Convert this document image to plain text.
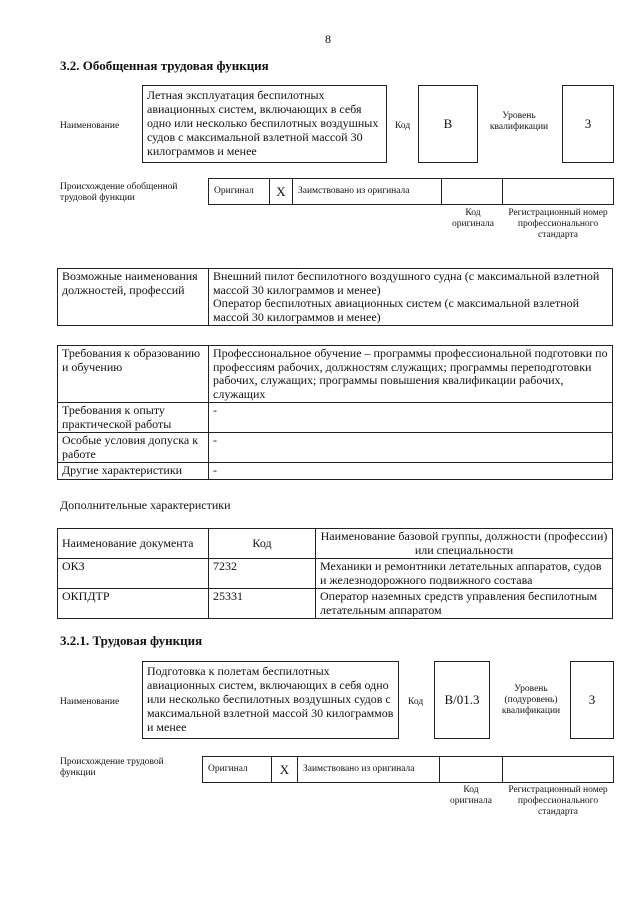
8
3.2. Обобщенная трудовая функция
Наименование
Летная эксплуатация беспилотных авиационных систем, включающих в себя одно или несколько беспилотных воздушных судов с максимальной взлетной массой 30 килограммов и менее
Код	B	Уровень квалификации	3
Происхождение обобщенной трудовой функции
Оригинал X Заимствовано из оригинала
Код оригинала
Регистрационный номер профессионального стандарта
Возможные наименования должностей, профессий	Внешний пилот беспилотного воздушного судна (с максимальной взлетной массой 30 килограммов и менее)
Оператор беспилотных авиационных систем (с максимальной взлетной массой 30 килограммов и менее)
Требования к образованию и обучению	Профессиональное обучение – программы профессиональной подготовки по профессиям рабочих, должностям служащих; программы переподготовки рабочих, служащих; программы повышения квалификации рабочих, служащих
Требования к опыту практической работы	-
Особые условия допуска к работе	-
Другие характеристики	-
Дополнительные характеристики
Наименование документа	Код	Наименование базовой группы, должности (профессии) или специальности
ОКЗ	7232	Механики и ремонтники летательных аппаратов, судов и железнодорожного подвижного состава
ОКПДТР	25331	Оператор наземных средств управления беспилотным летательным аппаратом
3.2.1. Трудовая функция
Наименование
Подготовка к полетам беспилотных авиационных систем, включающих в себя одно или несколько беспилотных воздушных судов с максимальной взлетной массой 30 килограммов и менее
Код B/01.3
Уровень (подуровень) квалификации
3
Происхождение трудовой функции	Оригинал X Заимствовано из оригинала
Код оригинала
Регистрационный номер профессионального стандарта
